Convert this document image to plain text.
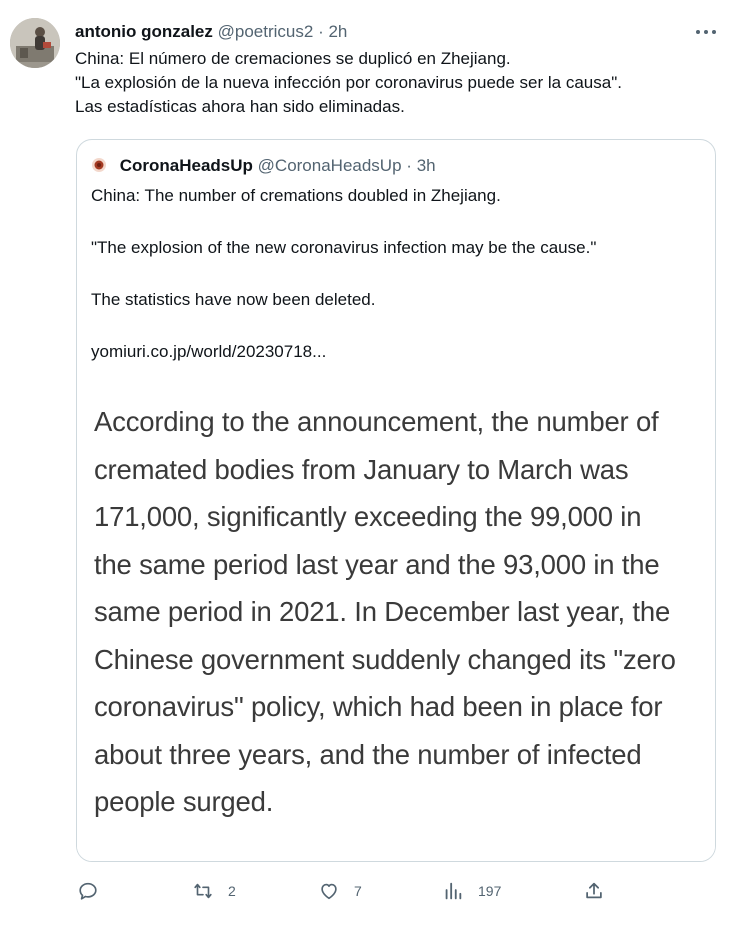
antonio gonzalez @poetricus2 · 2h
China: El número de cremaciones se duplicó en Zhejiang.
"La explosión de la nueva infección por coronavirus puede ser la causa".
Las estadísticas ahora han sido eliminadas.
CoronaHeadsUp @CoronaHeadsUp · 3h

China: The number of cremations doubled in Zhejiang.

"The explosion of the new coronavirus infection may be the cause."

The statistics have now been deleted.

yomiuri.co.jp/world/20230718...

According to the announcement, the number of
cremated bodies from January to March was
171,000, significantly exceeding the 99,000 in
the same period last year and the 93,000 in the
same period in 2021. In December last year, the
Chinese government suddenly changed its "zero
coronavirus" policy, which had been in place for
about three years, and the number of infected
people surged.
2	7	197
